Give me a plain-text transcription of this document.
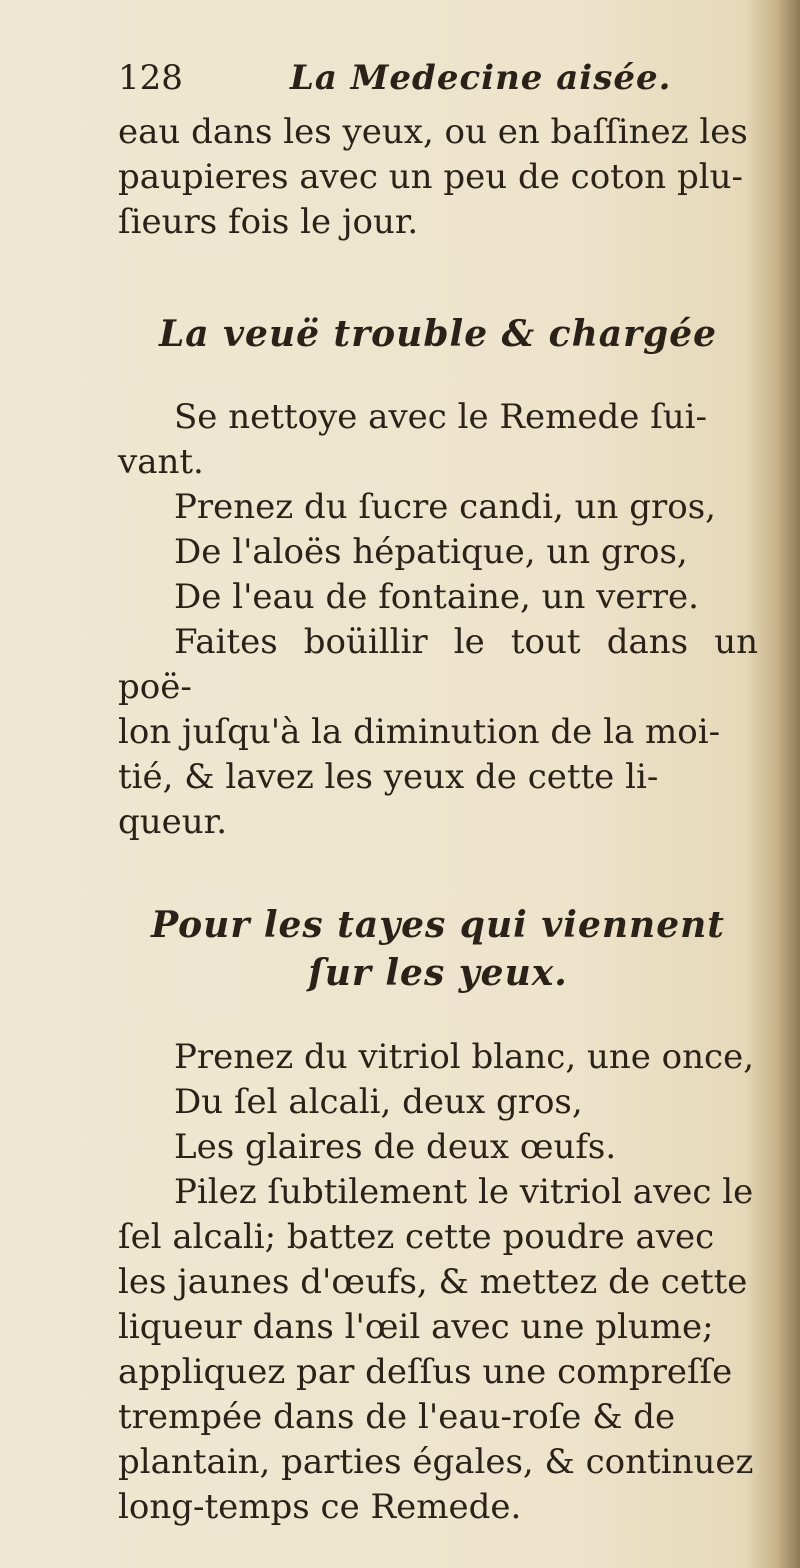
128	La Medecine aisée.

eau dans les yeux, ou en baſſinez les

paupieres avec un peu de coton plu-

ſieurs fois le jour.

La veuë trouble & chargée

Se nettoye avec le Remede ſui-

vant.

Prenez du ſucre candi, un gros,

De l'aloës hépatique, un gros,

De l'eau de fontaine, un verre.

Faites boüillir le tout dans un poë-

lon juſqu'à la diminution de la moi-

tié, & lavez les yeux de cette li-

queur.

Pour les tayes qui viennent
ſur les yeux.

Prenez du vitriol blanc, une once,

Du ſel alcali, deux gros,

Les glaires de deux œufs.

Pilez ſubtilement le vitriol avec le

ſel alcali; battez cette poudre avec

les jaunes d'œufs, & mettez de cette

liqueur dans l'œil avec une plume;

appliquez par deſſus une compreſſe

trempée dans de l'eau-roſe & de

plantain, parties égales, & continuez

long-temps ce Remede.
